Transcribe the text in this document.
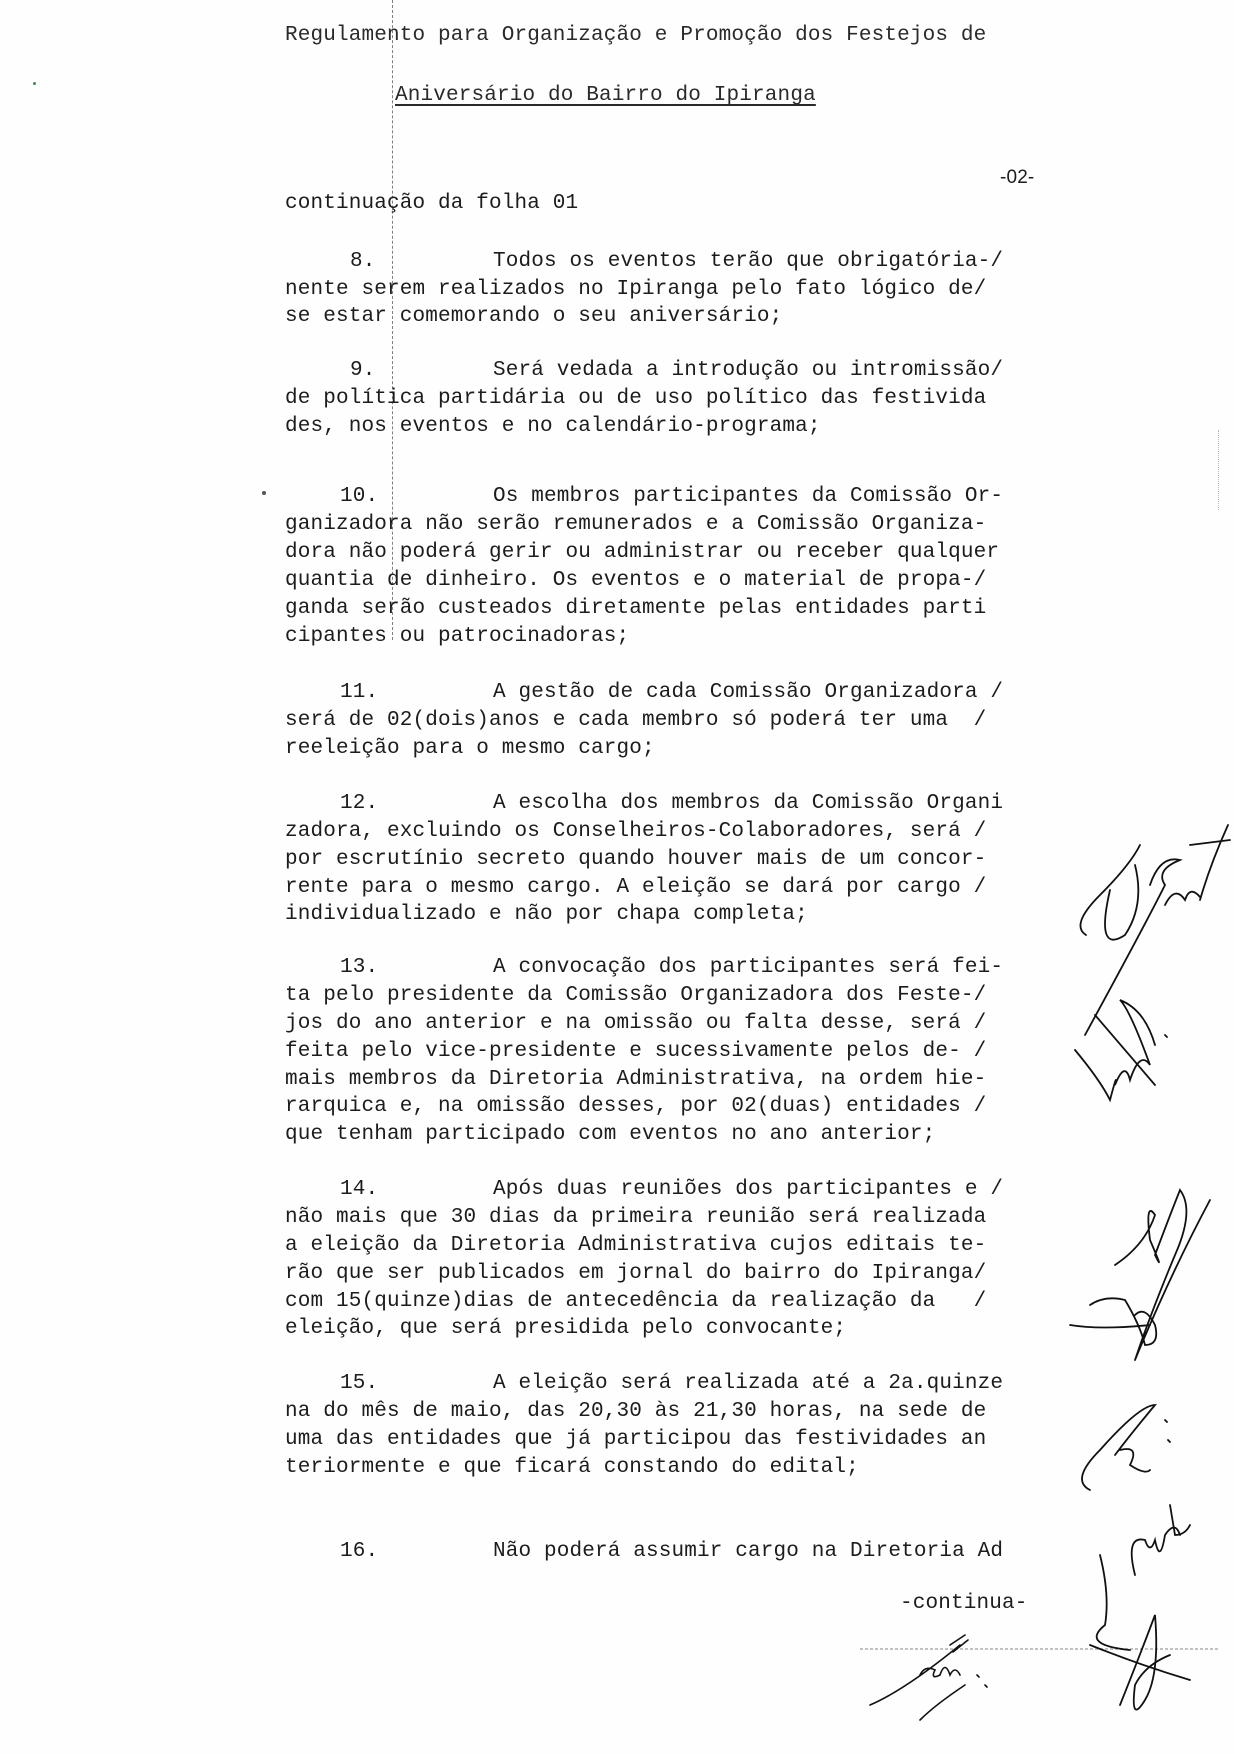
Regulamento para Organização e Promoção dos Festejos de
Aniversário do Bairro do Ipiranga
-02-
continuação da folha 01
8.	Todos os eventos terão que obrigatória-/
nente serem realizados no Ipiranga pelo fato lógico de/
se estar comemorando o seu aniversário;
9.	Será vedada a introdução ou intromissão/
de política partidária ou de uso político das festivida
des, nos eventos e no calendário-programa;
10.	Os membros participantes da Comissão Or-
ganizadora não serão remunerados e a Comissão Organiza-
dora não poderá gerir ou administrar ou receber qualquer
quantia de dinheiro. Os eventos e o material de propa-/
ganda serão custeados diretamente pelas entidades parti
cipantes ou patrocinadoras;
11.	A gestão de cada Comissão Organizadora /
será de 02(dois)anos e cada membro só poderá ter uma  /
reeleição para o mesmo cargo;
12.	A escolha dos membros da Comissão Organi
zadora, excluindo os Conselheiros-Colaboradores, será /
por escrutínio secreto quando houver mais de um concor-
rente para o mesmo cargo. A eleição se dará por cargo /
individualizado e não por chapa completa;
13.	A convocação dos participantes será fei-
ta pelo presidente da Comissão Organizadora dos Feste-/
jos do ano anterior e na omissão ou falta desse, será /
feita pelo vice-presidente e sucessivamente pelos de- /
mais membros da Diretoria Administrativa, na ordem hie-
rarquica e, na omissão desses, por 02(duas) entidades /
que tenham participado com eventos no ano anterior;
14.	Após duas reuniões dos participantes e /
não mais que 30 dias da primeira reunião será realizada
a eleição da Diretoria Administrativa cujos editais te-
rão que ser publicados em jornal do bairro do Ipiranga/
com 15(quinze)dias de antecedência da realização da   /
eleição, que será presidida pelo convocante;
15.	A eleição será realizada até a 2a.quinze
na do mês de maio, das 20,30 às 21,30 horas, na sede de
uma das entidades que já participou das festividades an
teriormente e que ficará constando do edital;
16.	Não poderá assumir cargo na Diretoria Ad
-continua-
